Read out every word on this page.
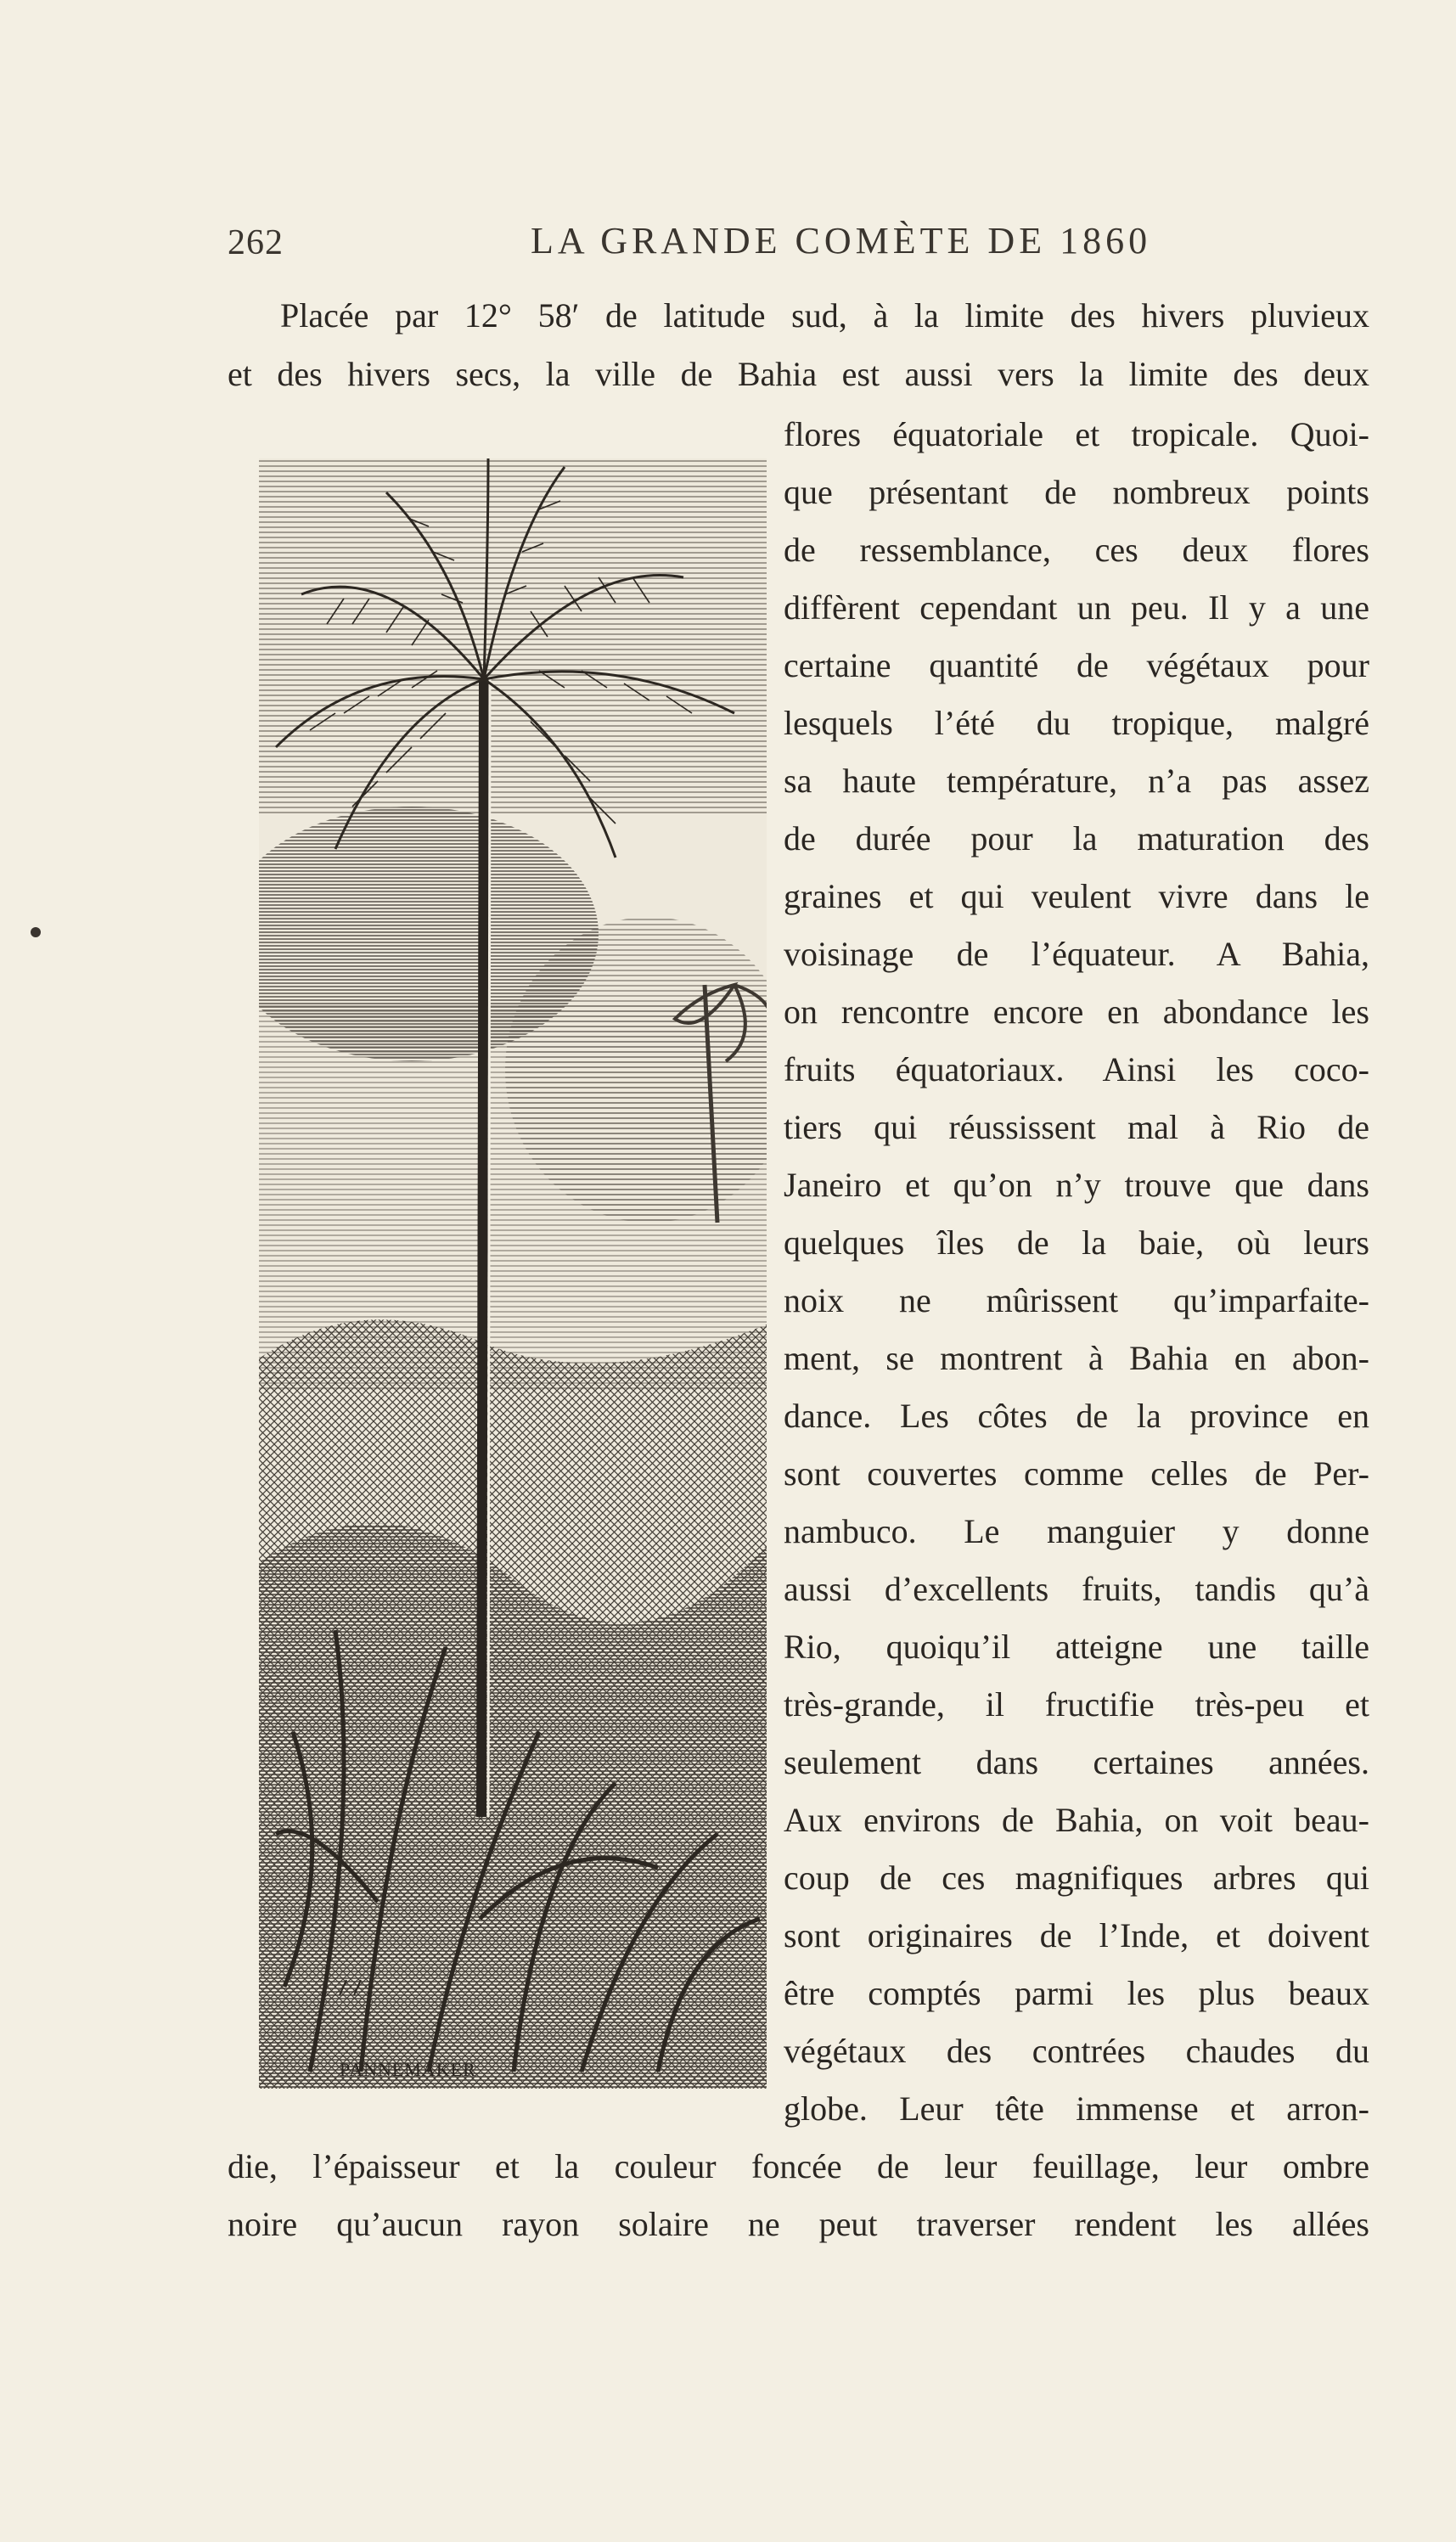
262	LA GRANDE COMÈTE DE 1860
Placée par 12° 58′ de latitude sud, à la limite des hivers pluvieux
et des hivers secs, la ville de Bahia est aussi vers la limite des deux
PANNEMAKER
flores équatoriale et tropicale. Quoi-
que présentant de nombreux points
de ressemblance, ces deux flores
diffèrent cependant un peu. Il y a une
certaine quantité de végétaux pour
lesquels l’été du tropique, malgré
sa haute température, n’a pas assez
de durée pour la maturation des
graines et qui veulent vivre dans le
voisinage de l’équateur. A Bahia,
on rencontre encore en abondance les
fruits équatoriaux. Ainsi les coco-
tiers qui réussissent mal à Rio de
Janeiro et qu’on n’y trouve que dans
quelques îles de la baie, où leurs
noix ne mûrissent qu’imparfaite-
ment, se montrent à Bahia en abon-
dance. Les côtes de la province en
sont couvertes comme celles de Per-
nambuco. Le manguier y donne
aussi d’excellents fruits, tandis qu’à
Rio, quoiqu’il atteigne une taille
très-grande, il fructifie très-peu et
seulement dans certaines années.
Aux environs de Bahia, on voit beau-
coup de ces magnifiques arbres qui
sont originaires de l’Inde, et doivent
être comptés parmi les plus beaux
végétaux des contrées chaudes du
globe. Leur tête immense et arron-
die, l’épaisseur et la couleur foncée de leur feuillage, leur ombre
noire qu’aucun rayon solaire ne peut traverser rendent les allées
